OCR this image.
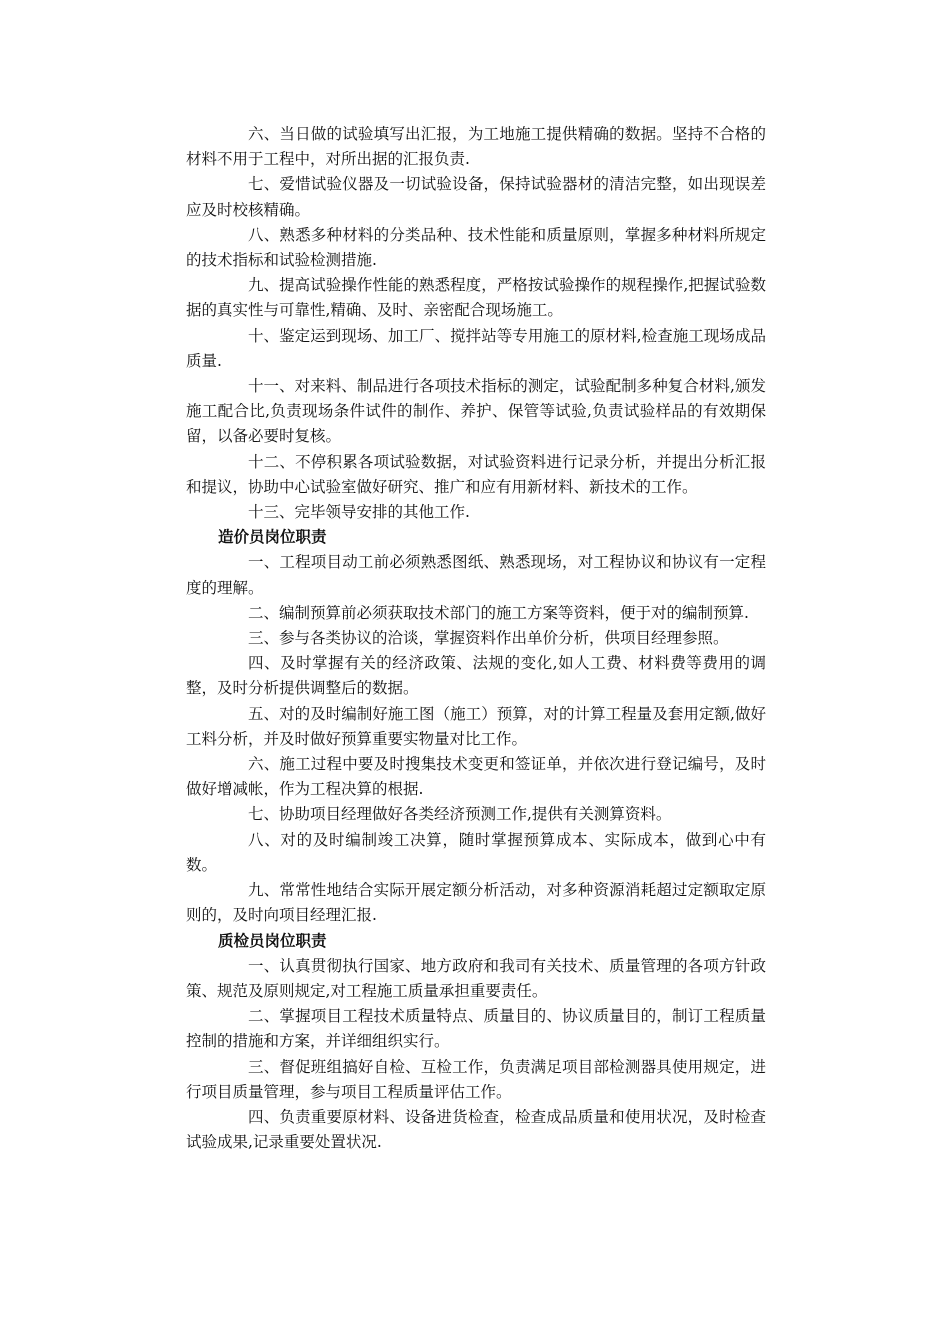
六、当日做的试验填写出汇报，为工地施工提供精确的数据。坚持不合格的材料不用于工程中，对所出据的汇报负责.

七、爱惜试验仪器及一切试验设备，保持试验器材的清洁完整，如出现误差应及时校核精确。

八、熟悉多种材料的分类品种、技术性能和质量原则，掌握多种材料所规定的技术指标和试验检测措施.

九、提高试验操作性能的熟悉程度，严格按试验操作的规程操作,把握试验数据的真实性与可靠性,精确、及时、亲密配合现场施工。

十、鉴定运到现场、加工厂、搅拌站等专用施工的原材料,检查施工现场成品质量.

十一、对来料、制品进行各项技术指标的测定，试验配制多种复合材料,颁发施工配合比,负责现场条件试件的制作、养护、保管等试验,负责试验样品的有效期保留，以备必要时复核。

十二、不停积累各项试验数据，对试验资料进行记录分析，并提出分析汇报和提议，协助中心试验室做好研究、推广和应有用新材料、新技术的工作。

十三、完毕领导安排的其他工作.

造价员岗位职责

一、工程项目动工前必须熟悉图纸、熟悉现场，对工程协议和协议有一定程度的理解。

二、编制预算前必须获取技术部门的施工方案等资料，便于对的编制预算.

三、参与各类协议的洽谈，掌握资料作出单价分析，供项目经理参照。

四、及时掌握有关的经济政策、法规的变化,如人工费、材料费等费用的调整，及时分析提供调整后的数据。

五、对的及时编制好施工图（施工）预算，对的计算工程量及套用定额,做好工料分析，并及时做好预算重要实物量对比工作。

六、施工过程中要及时搜集技术变更和签证单，并依次进行登记编号，及时做好增减帐，作为工程决算的根据.

七、协助项目经理做好各类经济预测工作,提供有关测算资料。

八、对的及时编制竣工决算，随时掌握预算成本、实际成本，做到心中有数。

九、常常性地结合实际开展定额分析活动，对多种资源消耗超过定额取定原则的，及时向项目经理汇报.

质检员岗位职责

一、认真贯彻执行国家、地方政府和我司有关技术、质量管理的各项方针政策、规范及原则规定,对工程施工质量承担重要责任。

二、掌握项目工程技术质量特点、质量目的、协议质量目的，制订工程质量控制的措施和方案，并详细组织实行。

三、督促班组搞好自检、互检工作，负责满足项目部检测器具使用规定，进行项目质量管理，参与项目工程质量评估工作。

四、负责重要原材料、设备进货检查，检查成品质量和使用状况，及时检查试验成果,记录重要处置状况.
